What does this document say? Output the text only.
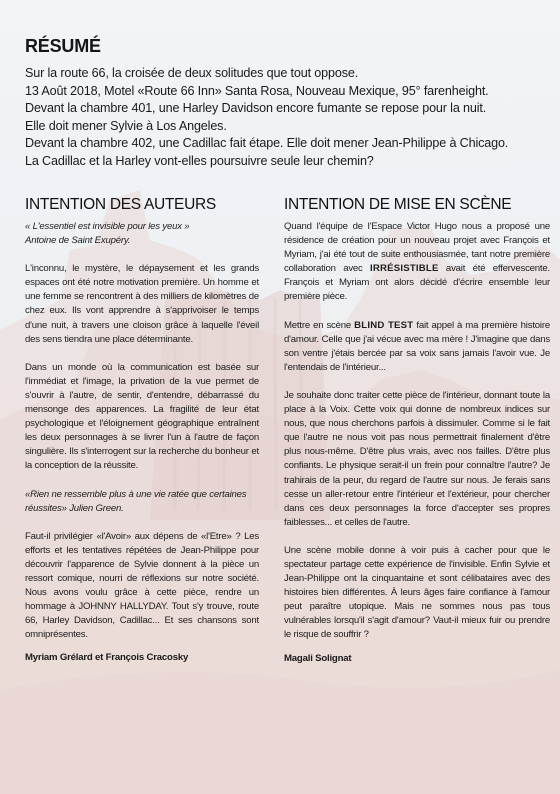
RÉSUMÉ

Sur la route 66, la croisée de deux solitudes que tout oppose.

13 Août 2018, Motel «Route 66 Inn» Santa Rosa, Nouveau Mexique, 95° farenheight.

Devant la chambre 401, une Harley Davidson encore fumante se repose pour la nuit.

Elle doit mener Sylvie à Los Angeles.

Devant la chambre 402, une Cadillac fait étape. Elle doit mener Jean-Philippe à Chicago.

La Cadillac et la Harley vont-elles poursuivre seule leur chemin?

INTENTION DES AUTEURS
« L'essentiel est invisible pour les yeux »
Antoine de Saint Exupéry.

L'inconnu, le mystère, le dépaysement et les grands espaces ont été notre motivation première. Un homme et une femme se rencontrent à des milliers de kilomètres de chez eux. Ils vont apprendre à s'apprivoiser le temps d'une nuit, à travers une cloison grâce à laquelle l'éveil des sens tiendra une place déterminante.

Dans un monde où la communication est basée sur l'immédiat et l'image, la privation de la vue permet de s'ouvrir à l'autre, de sentir, d'entendre, débarrassé du mensonge des apparences. La fragilité de leur état psychologique et l'éloignement géographique entraînent les deux personnages à se livrer l'un à l'autre de façon singulière. Ils s'interrogent sur la recherche du bonheur et la conception de la réussite.

«Rien ne ressemble plus à une vie ratée que certaines réussites» Julien Green.

Faut-il privilégier «l'Avoir» aux dépens de «l'Etre» ? Les efforts et les tentatives répétées de Jean-Philippe pour découvrir l'apparence de Sylvie donnent à la pièce un ressort comique, nourri de réflexions sur notre société. Nous avons voulu grâce à cette pièce, rendre un hommage à JOHNNY HALLYDAY. Tout s'y trouve, route 66, Harley Davidson, Cadillac... Et ses chansons sont omniprésentes.

Myriam Grélard et François Cracosky

INTENTION DE MISE EN SCÈNE

Quand l'équipe de l'Espace Victor Hugo nous a proposé une résidence de création pour un nouveau projet avec François et Myriam, j'ai été tout de suite enthousiasmée, tant notre première collaboration avec IRRÉSISTIBLE avait été effervescente. François et Myriam ont alors décidé d'écrire ensemble leur première pièce.

Mettre en scène BLIND TEST fait appel à ma première histoire d'amour. Celle que j'ai vécue avec ma mère ! J'imagine que dans son ventre j'étais bercée par sa voix sans jamais l'avoir vue. Je l'entendais de l'intérieur...

Je souhaite donc traiter cette pièce de l'intérieur, donnant toute la place à la Voix. Cette voix qui donne de nombreux indices sur nous, que nous cherchons parfois à dissimuler. Comme si le fait que l'autre ne nous voit pas nous permettrait finalement d'être plus nous-même. D'être plus vrais, avec nos failles. D'être plus confiants. Le physique serait-il un frein pour connaître l'autre? Je trahirais de la peur, du regard de l'autre sur nous. Je ferais sans cesse un aller-retour entre l'intérieur et l'extérieur, pour chercher dans ces deux personnages la force d'accepter ses propres faiblesses... et celles de l'autre.

Une scène mobile donne à voir puis à cacher pour que le spectateur partage cette expérience de l'invisible. Enfin Sylvie et Jean-Philippe ont la cinquantaine et sont célibataires avec des histoires bien différentes. À leurs âges faire confiance à l'amour peut paraître utopique. Mais ne sommes nous pas tous vulnérables lorsqu'il s'agit d'amour? Vaut-il mieux fuir ou prendre le risque de souffrir ?

Magali Solignat
